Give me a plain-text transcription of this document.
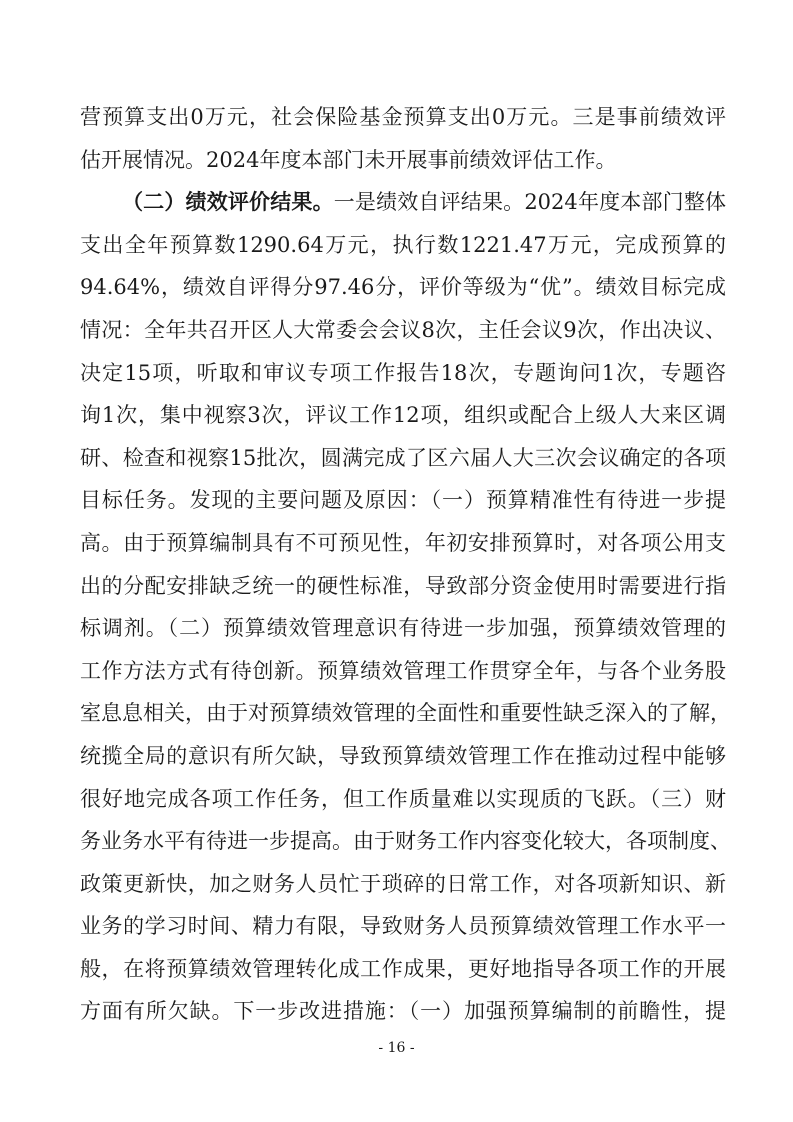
营预算支出0万元，社会保险基金预算支出0万元。三是事前绩效评
估开展情况。2024年度本部门未开展事前绩效评估工作。
（二）绩效评价结果。一是绩效自评结果。2024年度本部门整体
支出全年预算数1290.64万元，执行数1221.47万元，完成预算的
94.64%，绩效自评得分97.46分，评价等级为“优”。绩效目标完成
情况：全年共召开区人大常委会会议8次，主任会议9次，作出决议、
决定15项，听取和审议专项工作报告18次，专题询问1次，专题咨
询1次，集中视察3次，评议工作12项，组织或配合上级人大来区调
研、检查和视察15批次，圆满完成了区六届人大三次会议确定的各项
目标任务。发现的主要问题及原因：（一）预算精准性有待进一步提
高。由于预算编制具有不可预见性，年初安排预算时，对各项公用支
出的分配安排缺乏统一的硬性标准，导致部分资金使用时需要进行指
标调剂。（二）预算绩效管理意识有待进一步加强，预算绩效管理的
工作方法方式有待创新。预算绩效管理工作贯穿全年，与各个业务股
室息息相关，由于对预算绩效管理的全面性和重要性缺乏深入的了解，
统揽全局的意识有所欠缺，导致预算绩效管理工作在推动过程中能够
很好地完成各项工作任务，但工作质量难以实现质的飞跃。（三）财
务业务水平有待进一步提高。由于财务工作内容变化较大，各项制度、
政策更新快，加之财务人员忙于琐碎的日常工作，对各项新知识、新
业务的学习时间、精力有限，导致财务人员预算绩效管理工作水平一
般，在将预算绩效管理转化成工作成果，更好地指导各项工作的开展
方面有所欠缺。下一步改进措施：（一）加强预算编制的前瞻性，提
- 16 -
